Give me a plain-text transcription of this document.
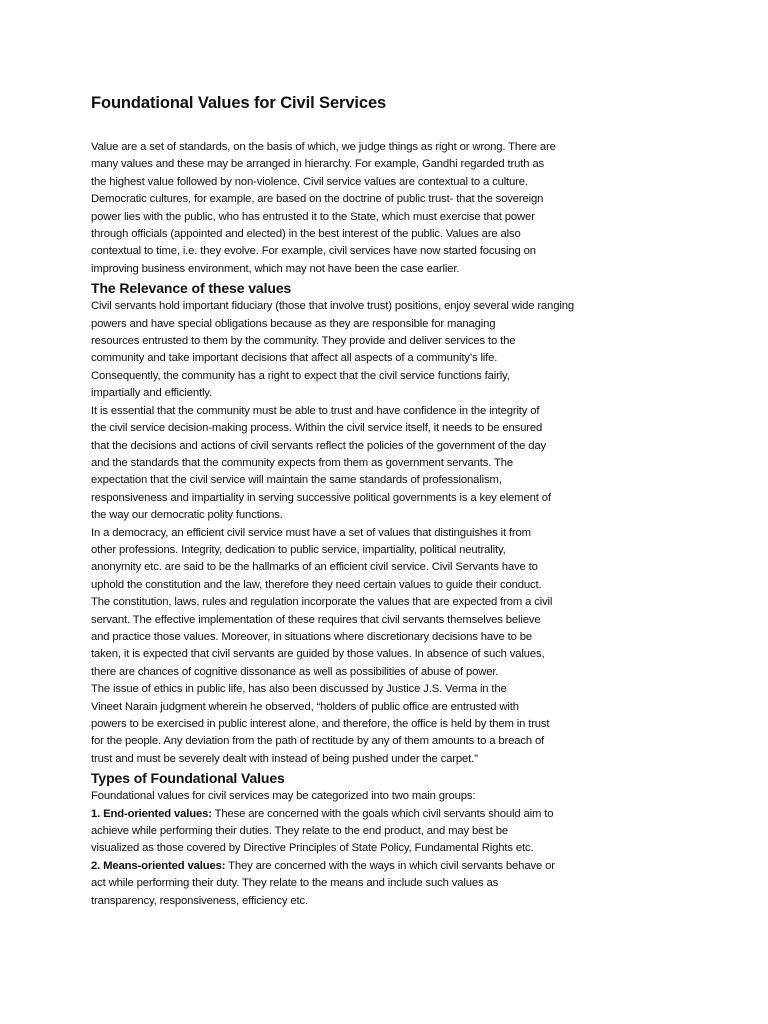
Foundational Values for Civil Services
Value are a set of standards, on the basis of which, we judge things as right or wrong. There are
many values and these may be arranged in hierarchy. For example, Gandhi regarded truth as
the highest value followed by non-violence. Civil service values are contextual to a culture.
Democratic cultures, for example, are based on the doctrine of public trust- that the sovereign
power lies with the public, who has entrusted it to the State, which must exercise that power
through officials (appointed and elected) in the best interest of the public. Values are also
contextual to time, i.e. they evolve. For example, civil services have now started focusing on
improving business environment, which may not have been the case earlier.
The Relevance of these values
Civil servants hold important fiduciary (those that involve trust) positions, enjoy several wide ranging
powers and have special obligations because as they are responsible for managing
resources entrusted to them by the community. They provide and deliver services to the
community and take important decisions that affect all aspects of a community’s life.
Consequently, the community has a right to expect that the civil service functions fairly,
impartially and efficiently.
It is essential that the community must be able to trust and have confidence in the integrity of
the civil service decision-making process. Within the civil service itself, it needs to be ensured
that the decisions and actions of civil servants reflect the policies of the government of the day
and the standards that the community expects from them as government servants. The
expectation that the civil service will maintain the same standards of professionalism,
responsiveness and impartiality in serving successive political governments is a key element of
the way our democratic polity functions.
In a democracy, an efficient civil service must have a set of values that distinguishes it from
other professions. Integrity, dedication to public service, impartiality, political neutrality,
anonymity etc. are said to be the hallmarks of an efficient civil service. Civil Servants have to
uphold the constitution and the law, therefore they need certain values to guide their conduct.
The constitution, laws, rules and regulation incorporate the values that are expected from a civil
servant. The effective implementation of these requires that civil servants themselves believe
and practice those values. Moreover, in situations where discretionary decisions have to be
taken, it is expected that civil servants are guided by those values. In absence of such values,
there are chances of cognitive dissonance as well as possibilities of abuse of power.
The issue of ethics in public life, has also been discussed by Justice J.S. Verma in the
Vineet Narain judgment wherein he observed, “holders of public office are entrusted with
powers to be exercised in public interest alone, and therefore, the office is held by them in trust
for the people. Any deviation from the path of rectitude by any of them amounts to a breach of
trust and must be severely dealt with instead of being pushed under the carpet.”
Types of Foundational Values
Foundational values for civil services may be categorized into two main groups:
1. End-oriented values: These are concerned with the goals which civil servants should aim to
achieve while performing their duties. They relate to the end product, and may best be
visualized as those covered by Directive Principles of State Policy, Fundamental Rights etc.
2. Means-oriented values: They are concerned with the ways in which civil servants behave or
act while performing their duty. They relate to the means and include such values as
transparency, responsiveness, efficiency etc.
